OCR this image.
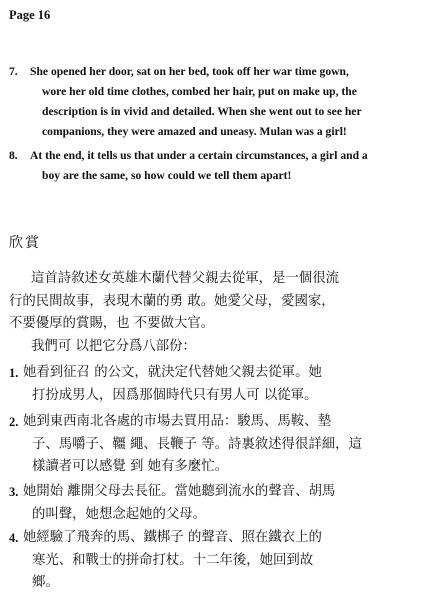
Page 16
7.	She opened her door, sat on her bed, took off her war time gown,
wore her old time clothes, combed her hair, put on make up, the
description is in vivid and detailed. When she went out to see her
companions, they were amazed and uneasy. Mulan was a girl!
8.	At the end, it tells us that under a certain circumstances, a girl and a
boy are the same, so how could we tell them apart!
欣賞
這首詩敘述女英雄木蘭代替父親去從軍，是一個很流
行的民間故事，表現木蘭的勇 敢。她愛父母，愛國家，
不要優厚的賞賜，也 不要做大官。
我們可 以把它分爲八部份：
1. 她看到征召 的公文，就決定代替她父親去從軍。她
打扮成男人，因爲那個時代只有男人可 以從軍。
2. 她到東西南北各處的市場去買用品：駿馬、馬鞍、墊
子、馬嚼子、韁 繩、長鞭子 等。詩裏敘述得很詳細，這
樣讀者可以感覺 到 她有多麼忙。
3. 她開始 離開父母去長征。當她聽到流水的聲音、胡馬
的叫聲，她想念起她的父母。
4. 她經驗了飛奔的馬、鐵梆子 的聲音、照在鐵衣上的
寒光、和戰士的拼命打杖。十二年後，她回到故
鄉。
